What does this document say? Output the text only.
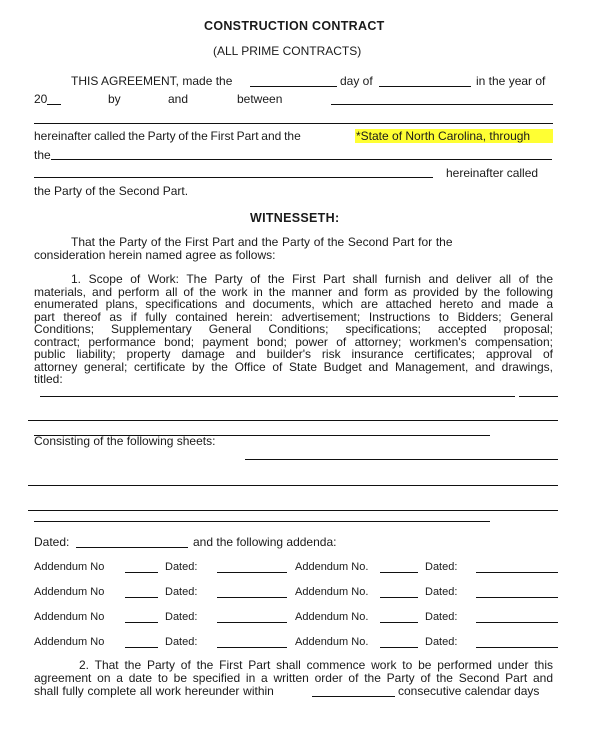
CONSTRUCTION CONTRACT
(ALL PRIME CONTRACTS)
THIS AGREEMENT, made the	day of	in the year of
20	by	and	between
hereinafter called the Party of the First Part and the	*State of North Carolina, through
the
hereinafter called
the Party of the Second Part.
WITNESSETH:
That the Party of the First Part and the Party of the Second Part for the
consideration herein named agree as follows:
1. Scope of Work: The Party of the First Part shall furnish and deliver all of the
materials, and perform all of the work in the manner and form as provided by the following
enumerated plans, specifications and documents, which are attached hereto and made a
part thereof as if fully contained herein: advertisement; Instructions to Bidders; General
Conditions; Supplementary General Conditions; specifications; accepted proposal;
contract; performance bond; payment bond; power of attorney; workmen's compensation;
public liability; property damage and builder's risk insurance certificates; approval of
attorney general; certificate by the Office of State Budget and Management, and drawings,
titled:
Consisting of the following sheets:
Dated:	and the following addenda:
Addendum No	Dated:	Addendum No.	Dated:
Addendum No	Dated:	Addendum No.	Dated:
Addendum No	Dated:	Addendum No.	Dated:
Addendum No	Dated:	Addendum No.	Dated:
2. That the Party of the First Part shall commence work to be performed under this
agreement on a date to be specified in a written order of the Party of the Second Part and
shall fully complete all work hereunder within	consecutive calendar days
